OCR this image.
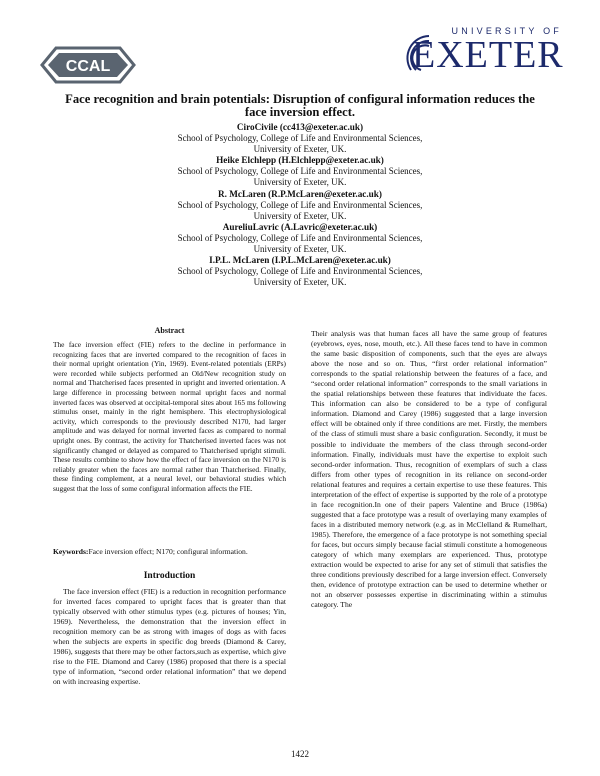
CCAL
UNIVERSITY OF
EXETER
Face recognition and brain potentials: Disruption of configural information reduces the face inversion effect.
CiroCivile (cc413@exeter.ac.uk)
School of Psychology, College of Life and Environmental Sciences,
University of Exeter, UK.
Heike Elchlepp (H.Elchlepp@exeter.ac.uk)
School of Psychology, College of Life and Environmental Sciences,
University of Exeter, UK.
R. McLaren (R.P.McLaren@exeter.ac.uk)
School of Psychology, College of Life and Environmental Sciences,
University of Exeter, UK.
AureliuLavric (A.Lavric@exeter.ac.uk)
School of Psychology, College of Life and Environmental Sciences,
University of Exeter, UK.
I.P.L. McLaren (I.P.L.McLaren@exeter.ac.uk)
School of Psychology, College of Life and Environmental Sciences,
University of Exeter, UK.
Abstract

The face inversion effect (FIE) refers to the decline in performance in recognizing faces that are inverted compared to the recognition of faces in their normal upright orientation (Yin, 1969). Event-related potentials (ERPs) were recorded while subjects performed an Old/New recognition study on normal and Thatcherised faces presented in upright and inverted orientation. A large difference in processing between normal upright faces and normal inverted faces was observed at occipital-temporal sites about 165 ms following stimulus onset, mainly in the right hemisphere. This electrophysiological activity, which corresponds to the previously described N170, had larger amplitude and was delayed for normal inverted faces as compared to normal upright ones. By contrast, the activity for Thatcherised inverted faces was not significantly changed or delayed as compared to Thatcherised upright stimuli. These results combine to show how the effect of face inversion on the N170 is reliably greater when the faces are normal rather than Thatcherised. Finally, these finding complement, at a neural level, our behavioral studies which suggest that the loss of some configural information affects the FIE.

Keywords:Face inversion effect; N170; configural information.
Introduction

The face inversion effect (FIE) is a reduction in recognition performance for inverted faces compared to upright faces that is greater than that typically observed with other stimulus types (e.g. pictures of houses; Yin, 1969). Nevertheless, the demonstration that the inversion effect in recognition memory can be as strong with images of dogs as with faces when the subjects are experts in specific dog breeds (Diamond & Carey, 1986), suggests that there may be other factors,such as expertise, which give rise to the FIE. Diamond and Carey (1986) proposed that there is a special type of information, “second order relational information” that we depend on with increasing expertise.

Their analysis was that human faces all have the same group of features (eyebrows, eyes, nose, mouth, etc.). All these faces tend to have in common the same basic disposition of components, such that the eyes are always above the nose and so on. Thus, “first order relational information” corresponds to the spatial relationship between the features of a face, and “second order relational information” corresponds to the small variations in the spatial relationships between these features that individuate the faces. This information can also be considered to be a type of configural information. Diamond and Carey (1986) suggested that a large inversion effect will be obtained only if three conditions are met. Firstly, the members of the class of stimuli must share a basic configuration. Secondly, it must be possible to individuate the members of the class through second-order information. Finally, individuals must have the expertise to exploit such second-order information. Thus, recognition of exemplars of such a class differs from other types of recognition in its reliance on second-order relational features and requires a certain expertise to use these features. This interpretation of the effect of expertise is supported by the role of a prototype in face recognition.In one of their papers Valentine and Bruce (1986a) suggested that a face prototype was a result of overlaying many examples of faces in a distributed memory network (e.g. as in McClelland & Rumelhart, 1985). Therefore, the emergence of a face prototype is not something special for faces, but occurs simply because facial stimuli constitute a homogeneous category of which many exemplars are experienced. Thus, prototype extraction would be expected to arise for any set of stimuli that satisfies the three conditions previously described for a large inversion effect. Conversely then, evidence of prototype extraction can be used to determine whether or not an observer possesses expertise in discriminating within a stimulus category. The

1422
